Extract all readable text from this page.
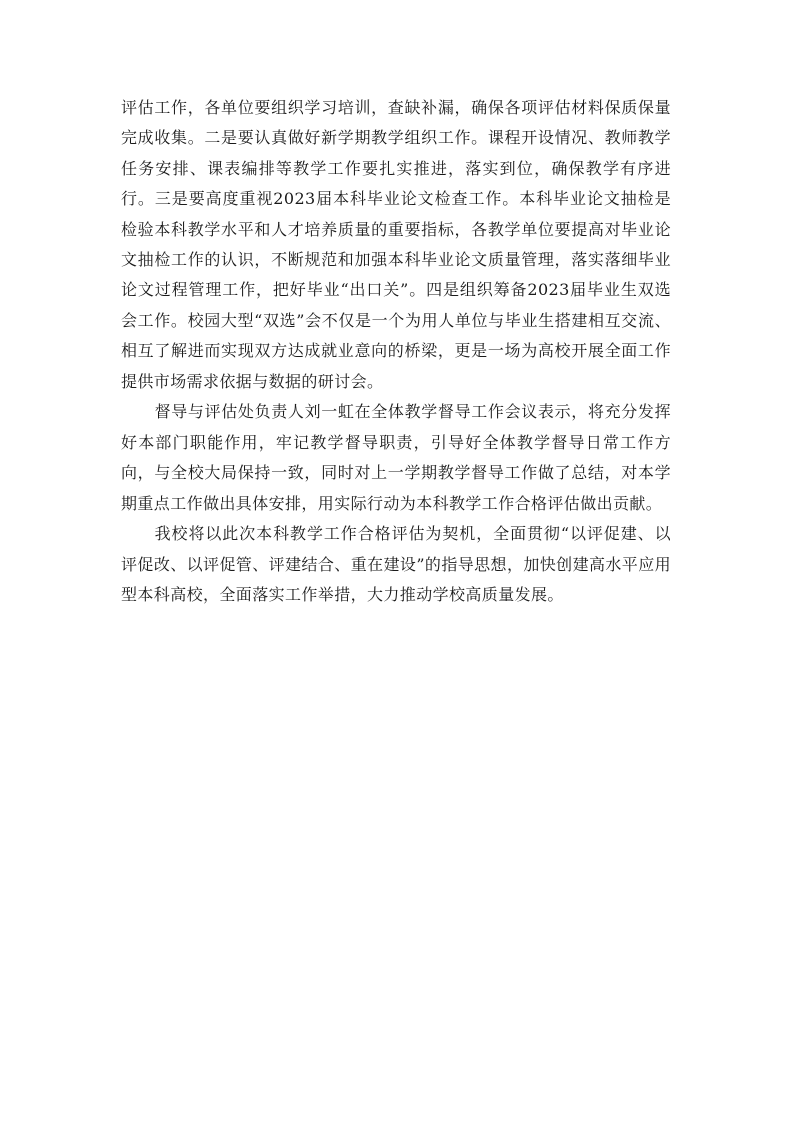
评估工作，各单位要组织学习培训，查缺补漏，确保各项评估材料保质保量完成收集。二是要认真做好新学期教学组织工作。课程开设情况、教师教学任务安排、课表编排等教学工作要扎实推进，落实到位，确保教学有序进行。三是要高度重视2023届本科毕业论文检查工作。本科毕业论文抽检是检验本科教学水平和人才培养质量的重要指标，各教学单位要提高对毕业论文抽检工作的认识，不断规范和加强本科毕业论文质量管理，落实落细毕业论文过程管理工作，把好毕业“出口关”。四是组织筹备2023届毕业生双选会工作。校园大型“双选”会不仅是一个为用人单位与毕业生搭建相互交流、相互了解进而实现双方达成就业意向的桥梁，更是一场为高校开展全面工作提供市场需求依据与数据的研讨会。

督导与评估处负责人刘一虹在全体教学督导工作会议表示，将充分发挥好本部门职能作用，牢记教学督导职责，引导好全体教学督导日常工作方向，与全校大局保持一致，同时对上一学期教学督导工作做了总结，对本学期重点工作做出具体安排，用实际行动为本科教学工作合格评估做出贡献。

我校将以此次本科教学工作合格评估为契机，全面贯彻“以评促建、以评促改、以评促管、评建结合、重在建设”的指导思想，加快创建高水平应用型本科高校，全面落实工作举措，大力推动学校高质量发展。
